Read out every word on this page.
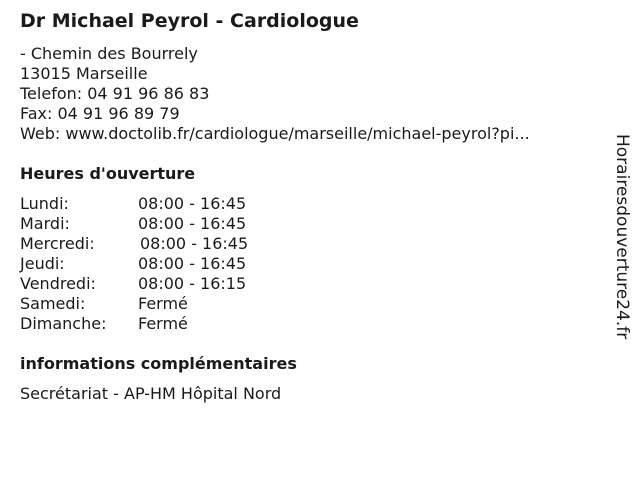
Dr Michael Peyrol - Cardiologue
- Chemin des Bourrely
13015 Marseille
Telefon: 04 91 96 86 83
Fax: 04 91 96 89 79
Web: www.doctolib.fr/cardiologue/marseille/michael-peyrol?pi...
Heures d'ouverture
Lundi:	08:00 - 16:45
Mardi:	08:00 - 16:45
Mercredi:	08:00 - 16:45
Jeudi:	08:00 - 16:45
Vendredi:	08:00 - 16:15
Samedi:	Fermé
Dimanche: Fermé
informations complémentaires
Secrétariat - AP-HM Hôpital Nord
Horairesdouverture24.fr
